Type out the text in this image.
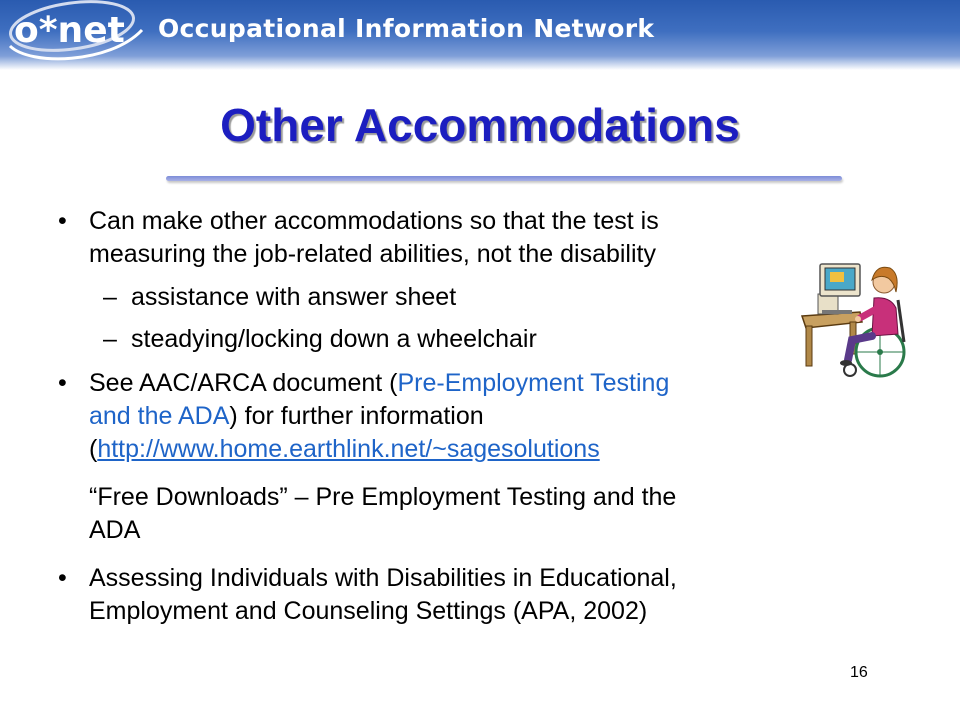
o*net Occupational Information Network
Other Accommodations
• Can make other accommodations so that the test is
measuring the job-related abilities, not the disability
– assistance with answer sheet
– steadying/locking down a wheelchair
• See AAC/ARCA document (Pre-Employment Testing
and the ADA) for further information
(http://www.home.earthlink.net/~sagesolutions
“Free Downloads” – Pre Employment Testing and the
ADA
• Assessing Individuals with Disabilities in Educational,
Employment and Counseling Settings (APA, 2002)
16
